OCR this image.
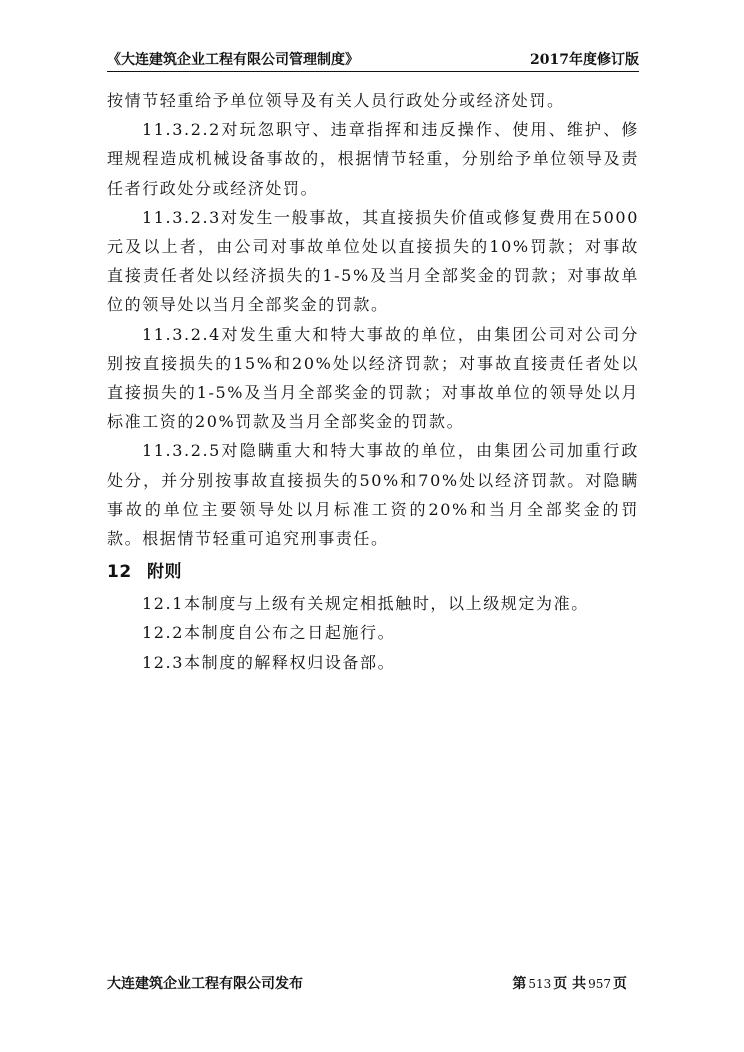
《大连建筑企业工程有限公司管理制度》	2017年度修订版

按情节轻重给予单位领导及有关人员行政处分或经济处罚。

11.3.2.2对玩忽职守、违章指挥和违反操作、使用、维护、修理规程造成机械设备事故的，根据情节轻重，分别给予单位领导及责任者行政处分或经济处罚。

11.3.2.3对发生一般事故，其直接损失价值或修复费用在5000元及以上者，由公司对事故单位处以直接损失的10%罚款；对事故直接责任者处以经济损失的1-5%及当月全部奖金的罚款；对事故单位的领导处以当月全部奖金的罚款。

11.3.2.4对发生重大和特大事故的单位，由集团公司对公司分别按直接损失的15%和20%处以经济罚款；对事故直接责任者处以直接损失的1-5%及当月全部奖金的罚款；对事故单位的领导处以月标准工资的20%罚款及当月全部奖金的罚款。

11.3.2.5对隐瞒重大和特大事故的单位，由集团公司加重行政处分，并分别按事故直接损失的50%和70%处以经济罚款。对隐瞒事故的单位主要领导处以月标准工资的20%和当月全部奖金的罚款。根据情节轻重可追究刑事责任。

12 附则

12.1本制度与上级有关规定相抵触时，以上级规定为准。

12.2本制度自公布之日起施行。

12.3本制度的解释权归设备部。

大连建筑企业工程有限公司发布	第 513 页 共 957 页
